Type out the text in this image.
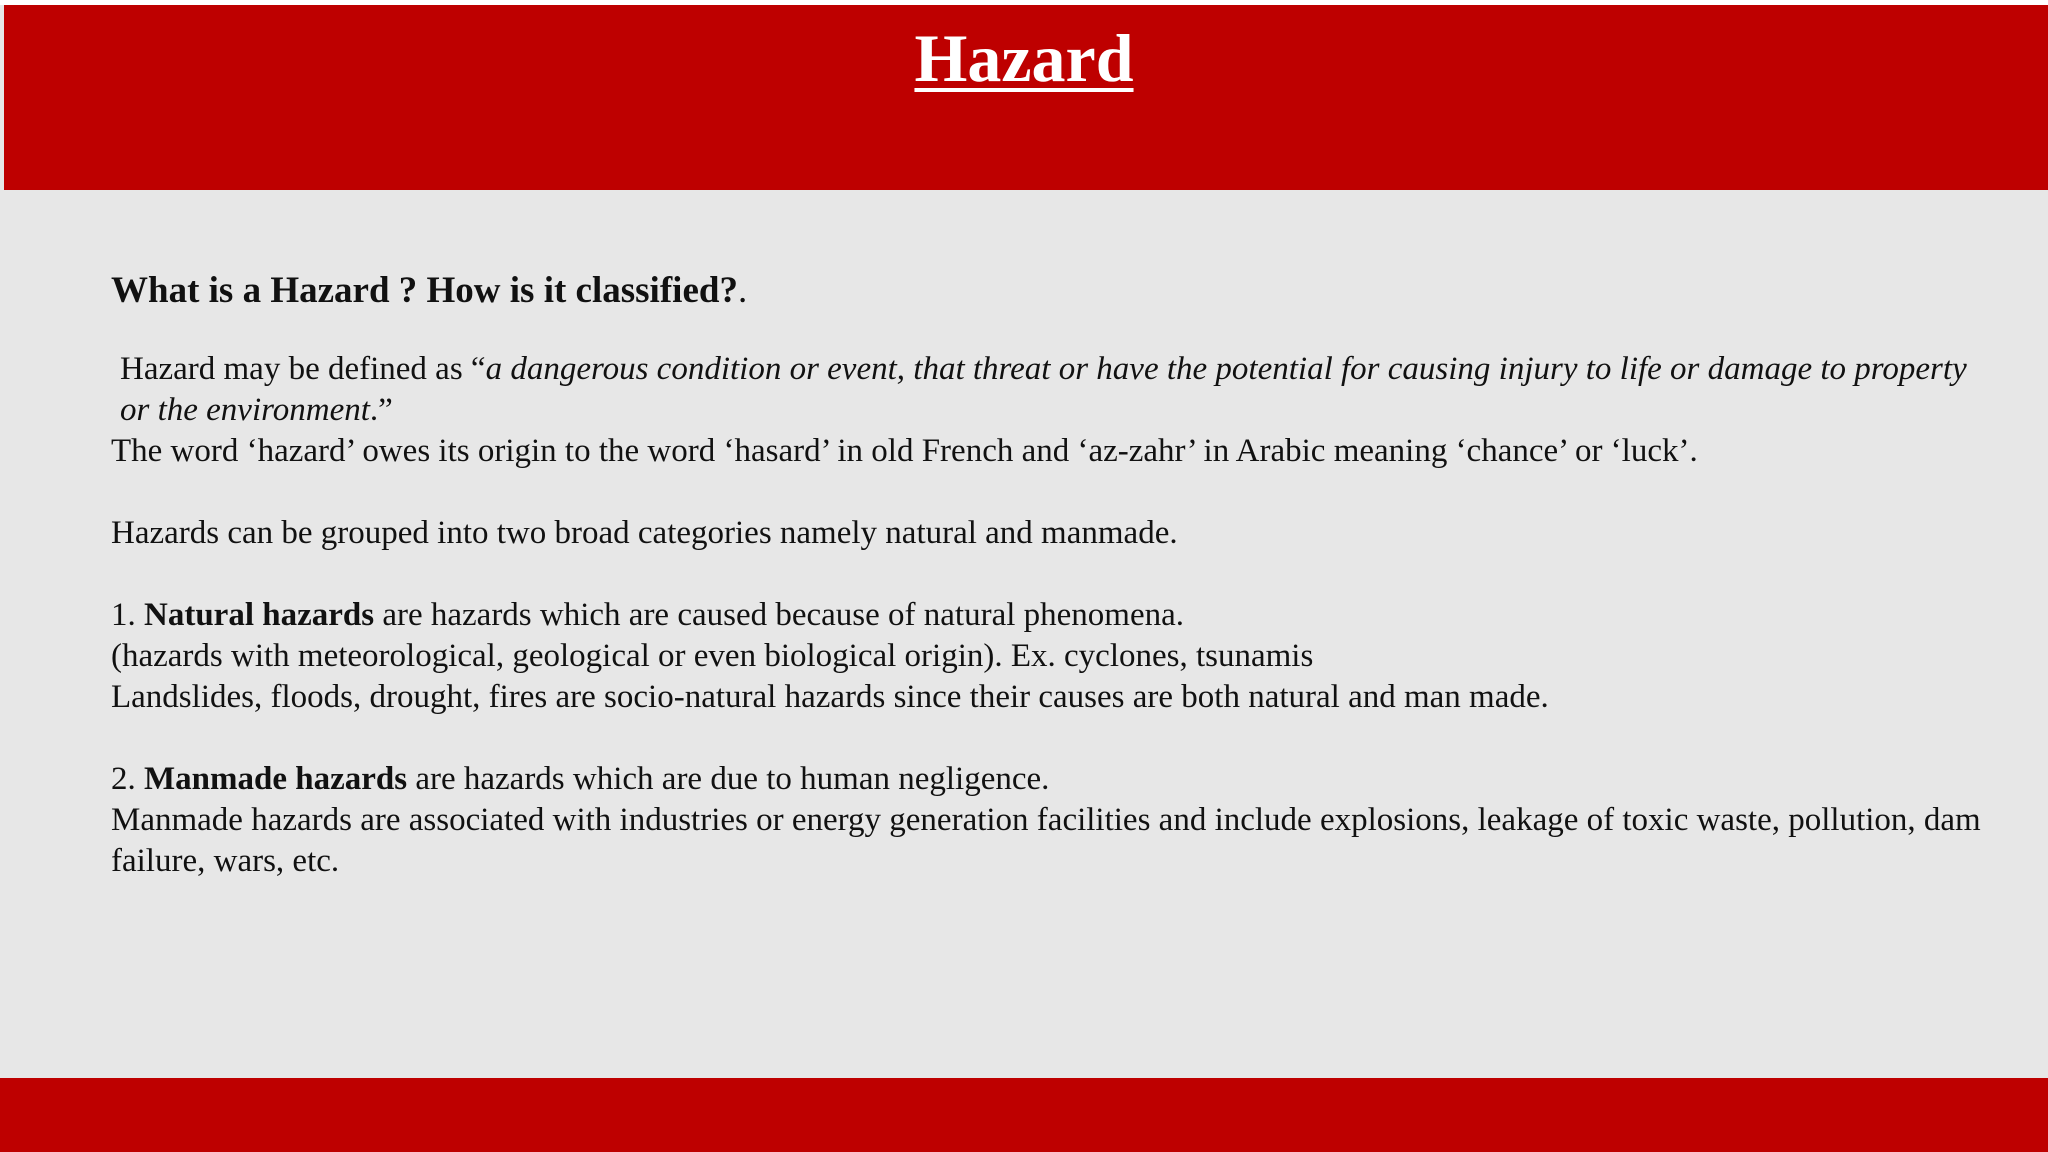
Hazard

What is a Hazard ? How is it classified?.

Hazard may be defined as “a dangerous condition or event, that threat or have the potential for causing injury to life or damage to property or the environment.”

The word ‘hazard’ owes its origin to the word ‘hasard’ in old French and ‘az-zahr’ in Arabic meaning ‘chance’ or ‘luck’.

Hazards can be grouped into two broad categories namely natural and manmade.

1. Natural hazards are hazards which are caused because of natural phenomena.

(hazards with meteorological, geological or even biological origin). Ex. cyclones, tsunamis

Landslides, floods, drought, fires are socio-natural hazards since their causes are both natural and man made.

2. Manmade hazards are hazards which are due to human negligence.

Manmade hazards are associated with industries or energy generation facilities and include explosions, leakage of toxic waste, pollution, dam failure, wars, etc.
